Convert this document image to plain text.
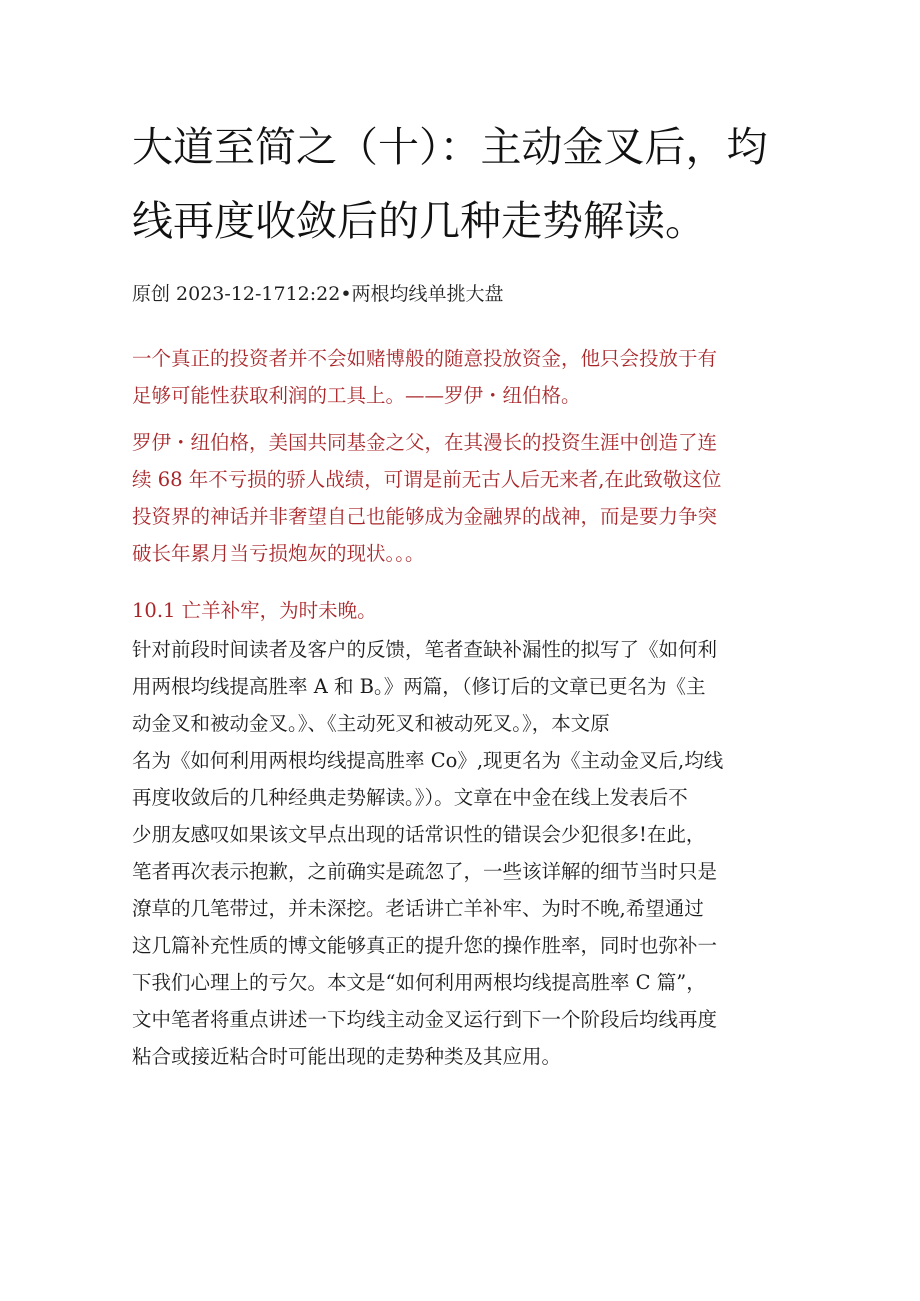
大道至简之（十）：主动金叉后，均
线再度收敛后的几种走势解读。
原创 2023-12-1712:22•两根均线单挑大盘

一个真正的投资者并不会如赌博般的随意投放资金，他只会投放于有
足够可能性获取利润的工具上。——罗伊・纽伯格。

罗伊・纽伯格，美国共同基金之父，在其漫长的投资生涯中创造了连
续 68 年不亏损的骄人战绩，可谓是前无古人后无来者,在此致敬这位
投资界的神话并非奢望自己也能够成为金融界的战神，而是要力争突
破长年累月当亏损炮灰的现状。。。

10.1 亡羊补牢，为时未晚。

针对前段时间读者及客户的反馈，笔者查缺补漏性的拟写了《如何利
用两根均线提高胜率 A 和 B。》两篇，（修订后的文章已更名为《主
动金叉和被动金叉。》、《主动死叉和被动死叉。》，本文原
名为《如何利用两根均线提高胜率 Co》,现更名为《主动金叉后,均线
再度收敛后的几种经典走势解读。》）。文章在中金在线上发表后不
少朋友感叹如果该文早点出现的话常识性的错误会少犯很多!在此，
笔者再次表示抱歉，之前确实是疏忽了，一些该详解的细节当时只是
潦草的几笔带过，并未深挖。老话讲亡羊补牢、为时不晚,希望通过
这几篇补充性质的博文能够真正的提升您的操作胜率，同时也弥补一
下我们心理上的亏欠。本文是“如何利用两根均线提高胜率 C 篇”，
文中笔者将重点讲述一下均线主动金叉运行到下一个阶段后均线再度
粘合或接近粘合时可能出现的走势种类及其应用。
